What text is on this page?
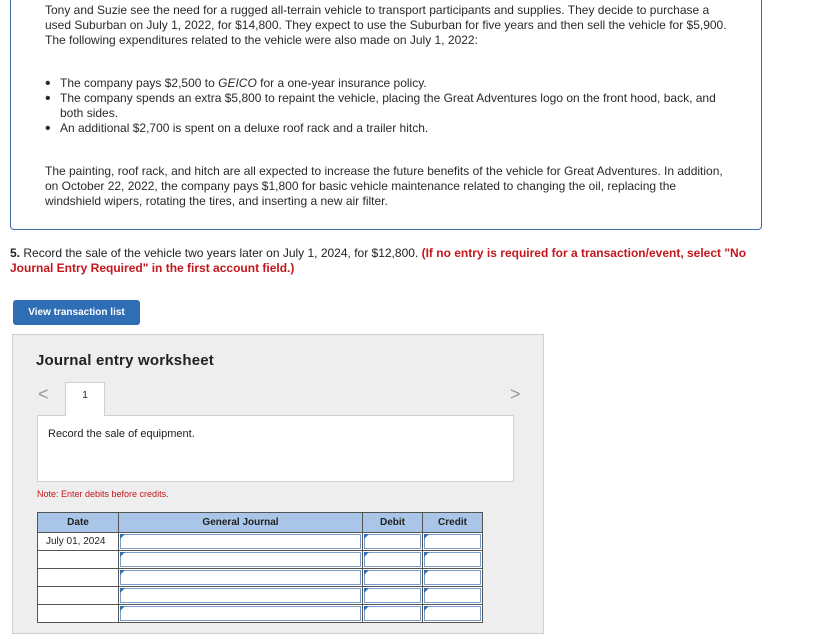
Tony and Suzie see the need for a rugged all-terrain vehicle to transport participants and supplies. They decide to purchase a used Suburban on July 1, 2022, for $14,800. They expect to use the Suburban for five years and then sell the vehicle for $5,900. The following expenditures related to the vehicle were also made on July 1, 2022:

• The company pays $2,500 to GEICO for a one-year insurance policy.
• The company spends an extra $5,800 to repaint the vehicle, placing the Great Adventures logo on the front hood, back, and both sides.
• An additional $2,700 is spent on a deluxe roof rack and a trailer hitch.

The painting, roof rack, and hitch are all expected to increase the future benefits of the vehicle for Great Adventures. In addition, on October 22, 2022, the company pays $1,800 for basic vehicle maintenance related to changing the oil, replacing the windshield wipers, rotating the tires, and inserting a new air filter.

5. Record the sale of the vehicle two years later on July 1, 2024, for $12,800. (If no entry is required for a transaction/event, select "No Journal Entry Required" in the first account field.)
View transaction list
Journal entry worksheet
<	1	>
Record the sale of equipment.
Note: Enter debits before credits.
Date	General Journal	Debit	Credit
July 01, 2024	
